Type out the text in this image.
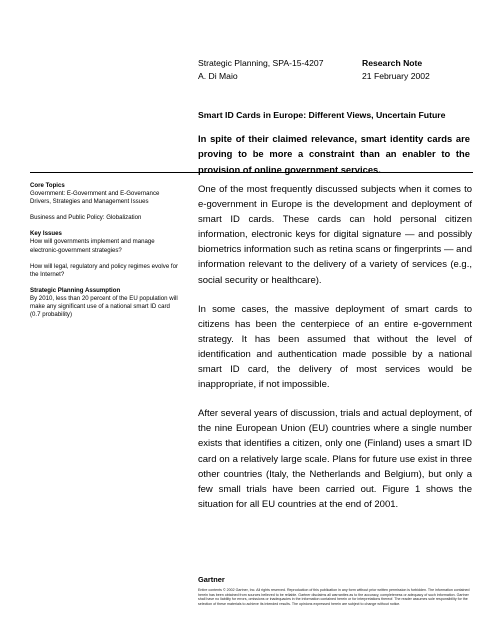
Strategic Planning, SPA-15-4207
A. Di Maio
Research Note
21 February 2002
Smart ID Cards in Europe: Different Views, Uncertain Future
In spite of their claimed relevance, smart identity cards are proving to be more a constraint than an enabler to the provision of online government services.
Core Topics
Government: E-Government and E-Governance Drivers, Strategies and Management Issues
Business and Public Policy: Globalization
Key Issues
How will governments implement and manage electronic-government strategies?
How will legal, regulatory and policy regimes evolve for the Internet?
Strategic Planning Assumption
By 2010, less than 20 percent of the EU population will make any significant use of a national smart ID card (0.7 probability)

One of the most frequently discussed subjects when it comes to e-government in Europe is the development and deployment of smart ID cards. These cards can hold personal citizen information, electronic keys for digital signature — and possibly biometrics information such as retina scans or fingerprints — and information relevant to the delivery of a variety of services (e.g., social security or healthcare).

In some cases, the massive deployment of smart cards to citizens has been the centerpiece of an entire e-government strategy. It has been assumed that without the level of identification and authentication made possible by a national smart ID card, the delivery of most services would be inappropriate, if not impossible.

After several years of discussion, trials and actual deployment, of the nine European Union (EU) countries where a single number exists that identifies a citizen, only one (Finland) uses a smart ID card on a relatively large scale. Plans for future use exist in three other countries (Italy, the Netherlands and Belgium), but only a few small trials have been carried out. Figure 1 shows the situation for all EU countries at the end of 2001.

Gartner
Entire contents © 2002 Gartner, Inc. All rights reserved. Reproduction of this publication in any form without prior written permission is forbidden. The information contained herein has been obtained from sources believed to be reliable. Gartner disclaims all warranties as to the accuracy, completeness or adequacy of such information. Gartner shall have no liability for errors, omissions or inadequacies in the information contained herein or for interpretations thereof. The reader assumes sole responsibility for the selection of these materials to achieve its intended results. The opinions expressed herein are subject to change without notice.
